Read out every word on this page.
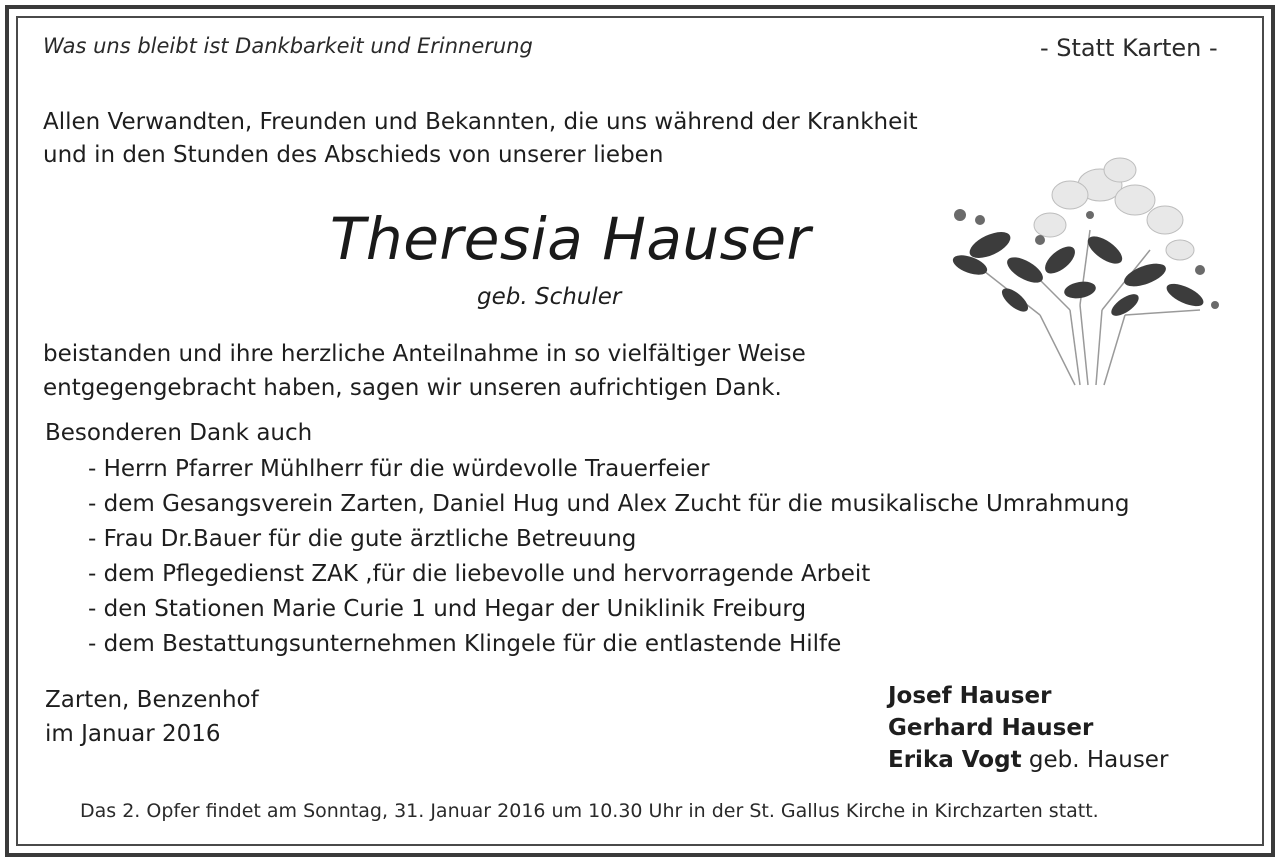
Was uns bleibt ist Dankbarkeit und Erinnerung	- Statt Karten -
Allen Verwandten, Freunden und Bekannten, die uns während der Krankheit
und in den Stunden des Abschieds von unserer lieben
Theresia Hauser
geb. Schuler
beistanden und ihre herzliche Anteilnahme in so vielfältiger Weise
entgegengebracht haben, sagen wir unseren aufrichtigen Dank.
Besonderen Dank auch
- Herrn Pfarrer Mühlherr für die würdevolle Trauerfeier
- dem Gesangsverein Zarten, Daniel Hug und Alex Zucht für die musikalische Umrahmung
- Frau Dr.Bauer für die gute ärztliche Betreuung
- dem Pflegedienst ZAK ,für die liebevolle und hervorragende Arbeit
- den Stationen Marie Curie 1 und Hegar der Uniklinik Freiburg
- dem Bestattungsunternehmen Klingele für die entlastende Hilfe
Zarten, Benzenhof
im Januar 2016
Josef Hauser
Gerhard Hauser
Erika Vogt geb. Hauser
Das 2. Opfer findet am Sonntag, 31. Januar 2016 um 10.30 Uhr in der St. Gallus Kirche in Kirchzarten statt.
